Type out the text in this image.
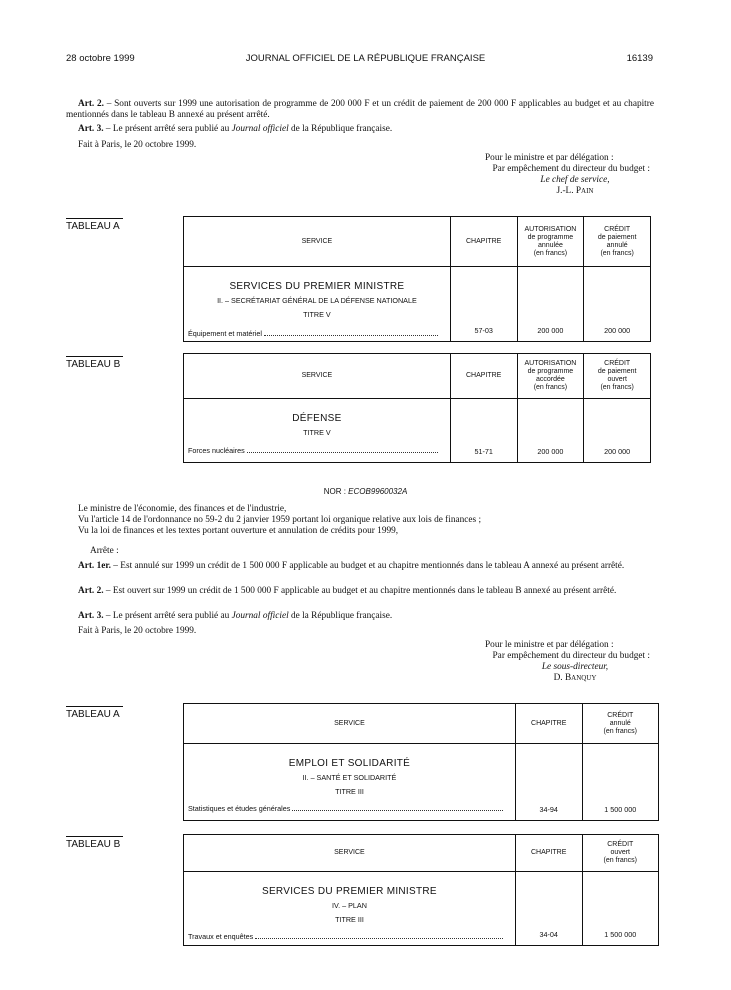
28 octobre 1999	JOURNAL OFFICIEL DE LA RÉPUBLIQUE FRANÇAISE	16139
Art. 2. – Sont ouverts sur 1999 une autorisation de programme de 200 000 F et un crédit de paiement de 200 000 F applicables au budget et au chapitre mentionnés dans le tableau B annexé au présent arrêté.
Art. 3. – Le présent arrêté sera publié au Journal officiel de la République française.
Fait à Paris, le 20 octobre 1999.
Pour le ministre et par délégation :
Par empêchement du directeur du budget :
Le chef de service,
J.-L. Pain
TABLEAU A
SERVICE	CHAPITRE	AUTORISATION
de programme
annulée
(en francs)	CRÉDIT
de paiement
annulé
(en francs)

SERVICES DU PREMIER MINISTRE
II. – SECRÉTARIAT GÉNÉRAL DE LA DÉFENSE NATIONALE
TITRE V
Équipement et matériel	57-03	200 000	200 000
TABLEAU B
SERVICE	CHAPITRE	AUTORISATION
de programme
accordée
(en francs)	CRÉDIT
de paiement
ouvert
(en francs)

DÉFENSE
TITRE V
Forces nucléaires	51-71	200 000	200 000
NOR : ECOB9960032A
Le ministre de l'économie, des finances et de l'industrie,
Vu l'article 14 de l'ordonnance no 59-2 du 2 janvier 1959 portant loi organique relative aux lois de finances ;
Vu la loi de finances et les textes portant ouverture et annulation de crédits pour 1999,
Arrête :
Art. 1er. – Est annulé sur 1999 un crédit de 1 500 000 F applicable au budget et au chapitre mentionnés dans le tableau A annexé au présent arrêté.
Art. 2. – Est ouvert sur 1999 un crédit de 1 500 000 F applicable au budget et au chapitre mentionnés dans le tableau B annexé au présent arrêté.
Art. 3. – Le présent arrêté sera publié au Journal officiel de la République française.
Fait à Paris, le 20 octobre 1999.
Pour le ministre et par délégation :
Par empêchement du directeur du budget :
Le sous-directeur,
D. Banquy
TABLEAU A
SERVICE	CHAPITRE	CRÉDIT
annulé
(en francs)

EMPLOI ET SOLIDARITÉ
II. – SANTÉ ET SOLIDARITÉ
TITRE III
Statistiques et études générales	34-94	1 500 000
TABLEAU B
SERVICE	CHAPITRE	CRÉDIT
ouvert
(en francs)

SERVICES DU PREMIER MINISTRE
IV. – PLAN
TITRE III
Travaux et enquêtes	34-04	1 500 000
